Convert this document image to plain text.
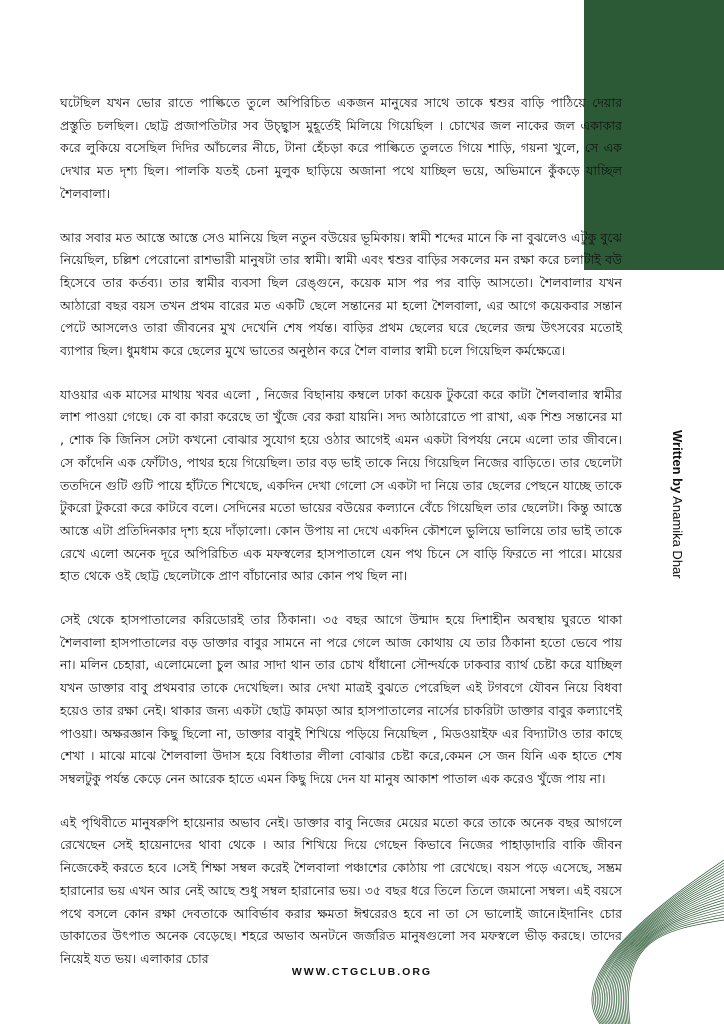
ঘটেছিল যখন ভোর রাতে পাল্কিতে তুলে অপিরিচিত একজন মানুষের সাথে তাকে শ্বশুর বাড়ি পাঠিয়ে দেয়ার প্রস্তুতি চলছিল। ছোট্ট প্রজাপতিটার সব উচ্ছ্বাস মুহূর্তেই মিলিয়ে গিয়েছিল । চোখের জল নাকের জল একাকার করে লুকিয়ে বসেছিল দিদির আঁচলের নীচে, টানা হেঁচড়া করে পাল্কিতে তুলতে গিয়ে শাড়ি, গয়না খুলে, সে এক দেখার মত দৃশ্য ছিল। পালকি যতই চেনা মুলুক ছাড়িয়ে অজানা পথে যাচ্ছিল ভয়ে, অভিমানে কুঁকড়ে যাচ্ছিল শৈলবালা।

আর সবার মত আস্তে আস্তে সেও মানিয়ে ছিল নতুন বউয়ের ভূমিকায়। স্বামী শব্দের মানে কি না বুঝলেও এটুকু বুঝে নিয়েছিল, চল্লিশ পেরোনো রাশভারী মানুষটা তার স্বামী। স্বামী এবং শ্বশুর বাড়ির সকলের মন রক্ষা করে চলাটাই বউ হিসেবে তার কর্তব্য। তার স্বামীর ব্যবসা ছিল রেঙ্গুনে, কয়েক মাস পর পর বাড়ি আসতো। শৈলবালার যখন আঠারো বছর বয়স তখন প্রথম বারের মত একটি ছেলে সন্তানের মা হলো শৈলবালা, এর আগে কয়েকবার সন্তান পেটে আসলেও তারা জীবনের মুখ দেখেনি শেষ পর্যন্ত। বাড়ির প্রথম ছেলের ঘরে ছেলের জন্ম উৎসবের মতোই ব্যাপার ছিল। ধুমধাম করে ছেলের মুখে ভাতের অনুষ্ঠান করে শৈল বালার স্বামী চলে গিয়েছিল কর্মক্ষেত্রে।

যাওয়ার এক মাসের মাথায় খবর এলো , নিজের বিছানায় কম্বলে ঢাকা কয়েক টুকরো করে কাটা শৈলবালার স্বামীর লাশ পাওয়া গেছে। কে বা কারা করেছে তা খুঁজে বের করা যায়নি। সদ্য আঠারোতে পা রাখা, এক শিশু সন্তানের মা , শোক কি জিনিস সেটা কখনো বোঝার সুযোগ হয়ে ওঠার আগেই এমন একটা বিপর্যয় নেমে এলো তার জীবনে। সে কাঁদেনি এক ফোঁটাও, পাথর হয়ে গিয়েছিল। তার বড় ভাই তাকে নিয়ে গিয়েছিল নিজের বাড়িতে। তার ছেলেটা ততদিনে গুটি গুটি পায়ে হাঁটতে শিখেছে, একদিন দেখা গেলো সে একটা দা নিয়ে তার ছেলের পেছনে যাচ্ছে তাকে টুকরো টুকরো করে কাটবে বলে। সেদিনের মতো ভায়ের বউয়ের কল্যানে বেঁচে গিয়েছিল তার ছেলেটা। কিন্তু আস্তে আস্তে এটা প্রতিদিনকার দৃশ্য হয়ে দাঁড়ালো। কোন উপায় না দেখে একদিন কৌশলে ভুলিয়ে ভালিয়ে তার ভাই তাকে রেখে এলো অনেক দূরে অপিরিচিত এক মফস্বলের হাসপাতালে যেন পথ চিনে সে বাড়ি ফিরতে না পারে। মায়ের হাত থেকে ওই ছোট্ট ছেলেটাকে প্রাণ বাঁচানোর আর কোন পথ ছিল না।

সেই থেকে হাসপাতালের করিডোরই তার ঠিকানা। ৩৫ বছর আগে উন্মাদ হয়ে দিশাহীন অবস্থায় ঘুরতে থাকা শৈলবালা হাসপাতালের বড় ডাক্তার বাবুর সামনে না পরে গেলে আজ কোথায় যে তার ঠিকানা হতো ভেবে পায় না। মলিন চেহারা, এলোমেলো চুল আর সাদা থান তার চোখ ধাঁধানো সৌন্দর্যকে ঢাকবার ব্যার্থ চেষ্টা করে যাচ্ছিল যখন ডাক্তার বাবু প্রথমবার তাকে দেখেছিল। আর দেখা মাত্রই বুঝতে পেরেছিল এই টগবগে যৌবন নিয়ে বিধবা হয়েও তার রক্ষা নেই। থাকার জন্য একটা ছোট্ট কামড়া আর হাসপাতালের নার্সের চাকরিটা ডাক্তার বাবুর কল্যাণেই পাওয়া। অক্ষরজ্ঞান কিছু ছিলো না, ডাক্তার বাবুই শিখিয়ে পড়িয়ে নিয়েছিল , মিডওয়াইফ এর বিদ্যাটাও তার কাছে শেখা । মাঝে মাঝে শৈলবালা উদাস হয়ে বিধাতার লীলা বোঝার চেষ্টা করে,কেমন সে জন যিনি এক হাতে শেষ সম্বলটুকু পর্যন্ত কেড়ে নেন আরেক হাতে এমন কিছু দিয়ে দেন যা মানুষ আকাশ পাতাল এক করেও খুঁজে পায় না।

এই পৃথিবীতে মানুষরুপি হায়েনার অভাব নেই। ডাক্তার বাবু নিজের মেয়ের মতো করে তাকে অনেক বছর আগলে রেখেছেন সেই হায়েনাদের থাবা থেকে । আর শিখিয়ে দিয়ে গেছেন কিভাবে নিজের পাহাড়াদারি বাকি জীবন নিজেকেই করতে হবে ।সেই শিক্ষা সম্বল করেই শৈলবালা পঞ্চাশের কোঠায় পা রেখেছে। বয়স পড়ে এসেছে, সম্ভ্রম হারানোর ভয় এখন আর নেই আছে শুধু সম্বল হারানোর ভয়। ৩৫ বছর ধরে তিলে তিলে জমানো সম্বল। এই বয়সে পথে বসলে কোন রক্ষা দেবতাকে আবির্ভাব করার ক্ষমতা ঈশ্বরেরও হবে না তা সে ভালোই জানে।ইদানিং চোর ডাকাতের উৎপাত অনেক বেড়েছে। শহরে অভাব অনটনে জর্জরিত মানুষগুলো সব মফস্বলে ভীড় করছে। তাদের নিয়েই যত ভয়। এলাকার চোর

Written by Anamika Dhar
WWW.CTGCLUB.ORG
